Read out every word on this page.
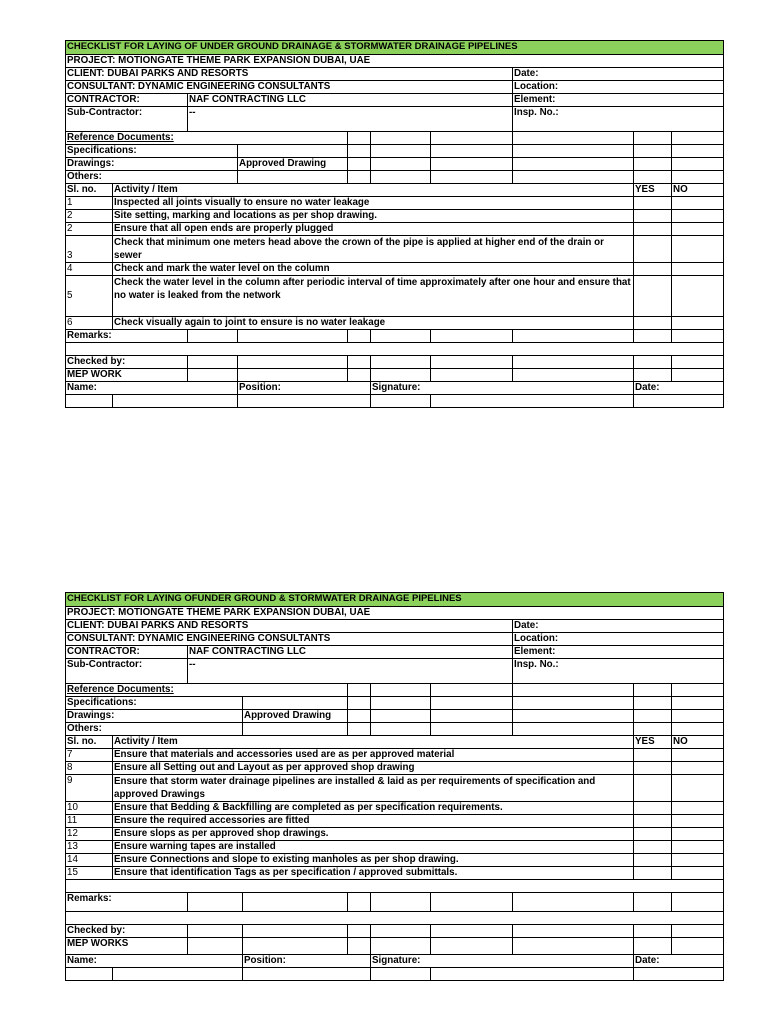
CHECKLIST FOR LAYING OF UNDER GROUND DRAINAGE & STORMWATER DRAINAGE PIPELINES									
PROJECT: MOTIONGATE THEME PARK EXPANSION DUBAI, UAE									
CLIENT: DUBAI PARKS AND RESORTS							Date:		
CONSULTANT: DYNAMIC ENGINEERING CONSULTANTS							Location:		
CONTRACTOR:		NAF CONTRACTING LLC					Element:		
Sub-Contractor:		--					Insp. No.:		
Reference Documents:									
Specifications:									
Drawings:			Approved Drawing						
Others:									
Sl. no.	Activity / Item							YES	NO
1	Inspected all joints visually to ensure no water leakage								
2	Site setting, marking and locations as per shop drawing.								
2	Ensure that all open ends are properly plugged								
3	Check that minimum one meters head above the crown of the pipe is applied at higher end of the drain or sewer								
4	Check and mark the water level on the column								
5	Check the water level in the column after periodic interval of time approximately after one hour and ensure that no water is leaked from the network								
6	Check visually again to joint to ensure is no water leakage								
Remarks:									

Checked by:									
MEP WORK									
Name:			Position:		Signature:			Date:	

CHECKLIST FOR LAYING OFUNDER GROUND & STORMWATER DRAINAGE PIPELINES									
PROJECT: MOTIONGATE THEME PARK EXPANSION DUBAI, UAE									
CLIENT: DUBAI PARKS AND RESORTS							Date:		
CONSULTANT: DYNAMIC ENGINEERING CONSULTANTS							Location:		
CONTRACTOR:		NAF CONTRACTING LLC					Element:		
Sub-Contractor:		--					Insp. No.:		
Reference Documents:									
Specifications:									
Drawings:			Approved Drawing						
Others:									
Sl. no.	Activity / Item							YES	NO
7	Ensure that materials and accessories used are as per approved material								
8	Ensure all Setting out and Layout as per approved shop drawing								
9	Ensure that storm water drainage pipelines are installed & laid as per requirements of specification and approved Drawings								
10	Ensure that Bedding & Backfilling are completed as per specification requirements.								
11	Ensure the required accessories are fitted								
12	Ensure slops as per approved shop drawings.								
13	Ensure warning tapes are installed								
14	Ensure Connections and slope to existing manholes as per shop drawing.								
15	Ensure that identification Tags as per specification / approved submittals.								

Remarks:									

Checked by:									
MEP WORKS									
Name:			Position:		Signature:			Date:	
